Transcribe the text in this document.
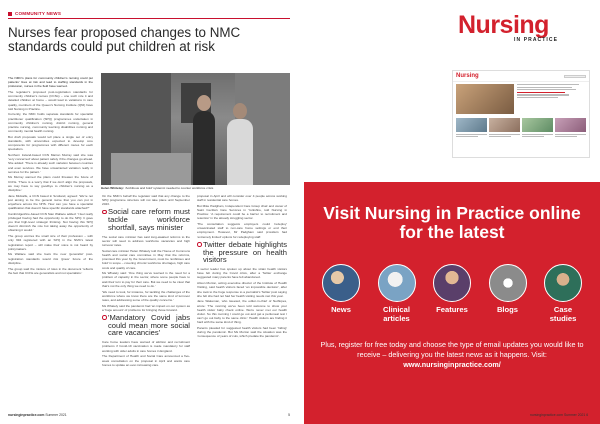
COMMUNITY NEWS
Nurses fear proposed changes to NMC standards could put children at risk

The NMC's plans for community children's nursing could put patients' lives at risk and lead to staffing standards in the profession, nurses in the field have warned.

The regulator's proposed post-registration standards for community children's nurses (CCNs) – one such role it and detailed children at home – would lead to variations in care quality, members of the Queen's Nursing Institute (QNI) have told Nursing in Practice.

Currently, the NMC holds separate standards for specialist practitioner qualification (SPQ) programmes undertaken in community children's nursing, district nursing, general practice nursing, community learning disabilities nursing and community mental health nursing.

But draft proposals would tell place a single set of entry standards, with universities expected to develop core components for programmes with different routes for each specialism.

Northern Ireland-based CCN Marion Murray said she was 'very concerned' about patient safety if the changes go ahead. She added: 'There is already such variation between counties and even services. We have unwarranted variation really in services for the patient.'

Ms Murray warned the plans could threaten the future of CCNs. 'There is a worry that if we don't align the proposals, we may have to say goodbye to children's nursing as a discipline.'

Jane Midcalfe, a CCN based in Scotland, agreed: 'We're not just aiming to be the general nurse that you can put in anywhere across the NHS. How can you have a specialist qualification that doesn't have specific standards attached?'

Cambridgeshire-based CCN Sian Wallace added: 'I feel really privileged having had the opportunity to do the SPQ. It gave you that high-level strategic thinking. Not having this SPQ doesn't diminish the role but taking away the opportunity of obtaining it would.'

The group worries the small size of their profession – with only 994 registered with an SPQ in the NMC's latest registration report – will make their voice is not heard by policymakers.

Ms Wallace said she feels the new 'generalist' post-registration standards would risk 'grave' future of the discipline.

The group said the mixture of roles in the document 'reflects the fact that CCNs are generalists and not specialists.'

Helen Whiteley: 'Ambitious and bold' systemic needed to counter workforce crisis

On the NMC's behalf the regulator said that any change to the SPQ programme structure will not take place until September 2023.

Social care reform must tackle workforce shortfall, says minister

The social care minister has said long-awaited reforms to the sector will need to address workforce vacancies and high turnover rates.

Social care minister Helen Whately told the House of Commons health and social care committee in May that the reforms, promised this year by the Government, must be 'ambitious and bold' in scope – covering chronic workforce shortages, high care costs and quality of care.

Ms Whately said: 'One thing we've learned is the need for a problem of capacity in the sector, where some people have to wait their turn to pay for their care. But we need to be clear that that's not the only thing we need to do.'

'We need to look, for instance, for tackling the challenges of the workforce where we know there are the same kind of turnover rates, and addressing some of the quality concerns.'

Ms Whately said the pandemic had 'an impact on our system as a 'huge amount' of problems for bringing those forward.

'Mandatory Covid jabs could mean more social care vacancies'

Care home leaders have warned of attrition and recruitment problems if Covid-19 vaccination is made mandatory for staff working with older adults in care homes in England.

The Department of Health and Social Care announced a five-week consultation on the proposal in April and wants care homes to update an ever-increasing care.

proposal in April and will consider over 4 people across working staff in residential care homes.

But Mike Padgham, Independent Care Group chair and owner of Saint Cecilia's Care Services in Yorkshire, told Nursing in Practice: 'A requirement could be a barrier to recruitment and retention' in the already struggling sector.

'The consultation suggests employers could 'redeploy' unvaccinated staff to non-care home settings or end their employment. However, Mr Padgham said providers had 'extremely limited' options for redeploying staff.

Twitter debate highlights the pressure on health visitors

A sector leader has spoken up about the strain health visitors have felt during the Covid crisis, after a Twitter exchange suggested many parents have felt abandoned.

Alison Morton, acting executive director of the Institute of Health Visiting, said health visitors faced 'an impossible decision', after she took to the huge response to a journalist's Twitter post saying she felt she had not had her health visiting needs met this year.

Jane Wakeman, who tweeted, the editor-in-chief of Netflopes, wrote: 'The morning we've been told welcome to show your health visitor baby check online. We're never met our health visitor. So this morning I could go out and get a peritoneal test I can't go out baby to the same clinic.' Health visitors are finding it hard with the same kind of thing.

Parents pleaded for suggested health visitors had been 'hiding' during the pandemic. But Ms Morton said the situation was the 'consequence of years of cuts, which predate the pandemic'.

nursinginpractice.com Summer 2021	5
Nursing
IN PRACTICE
Nursing
Visit Nursing in Practice online for the latest
News	Clinical articles
Features	Blogs	Case studies
Plus, register for free today and choose the type of email updates you would like to receive – delivering you the latest news as it happens. Visit: www.nursinginpractice.com/
nursinginpractice.com Summer 2021 6
